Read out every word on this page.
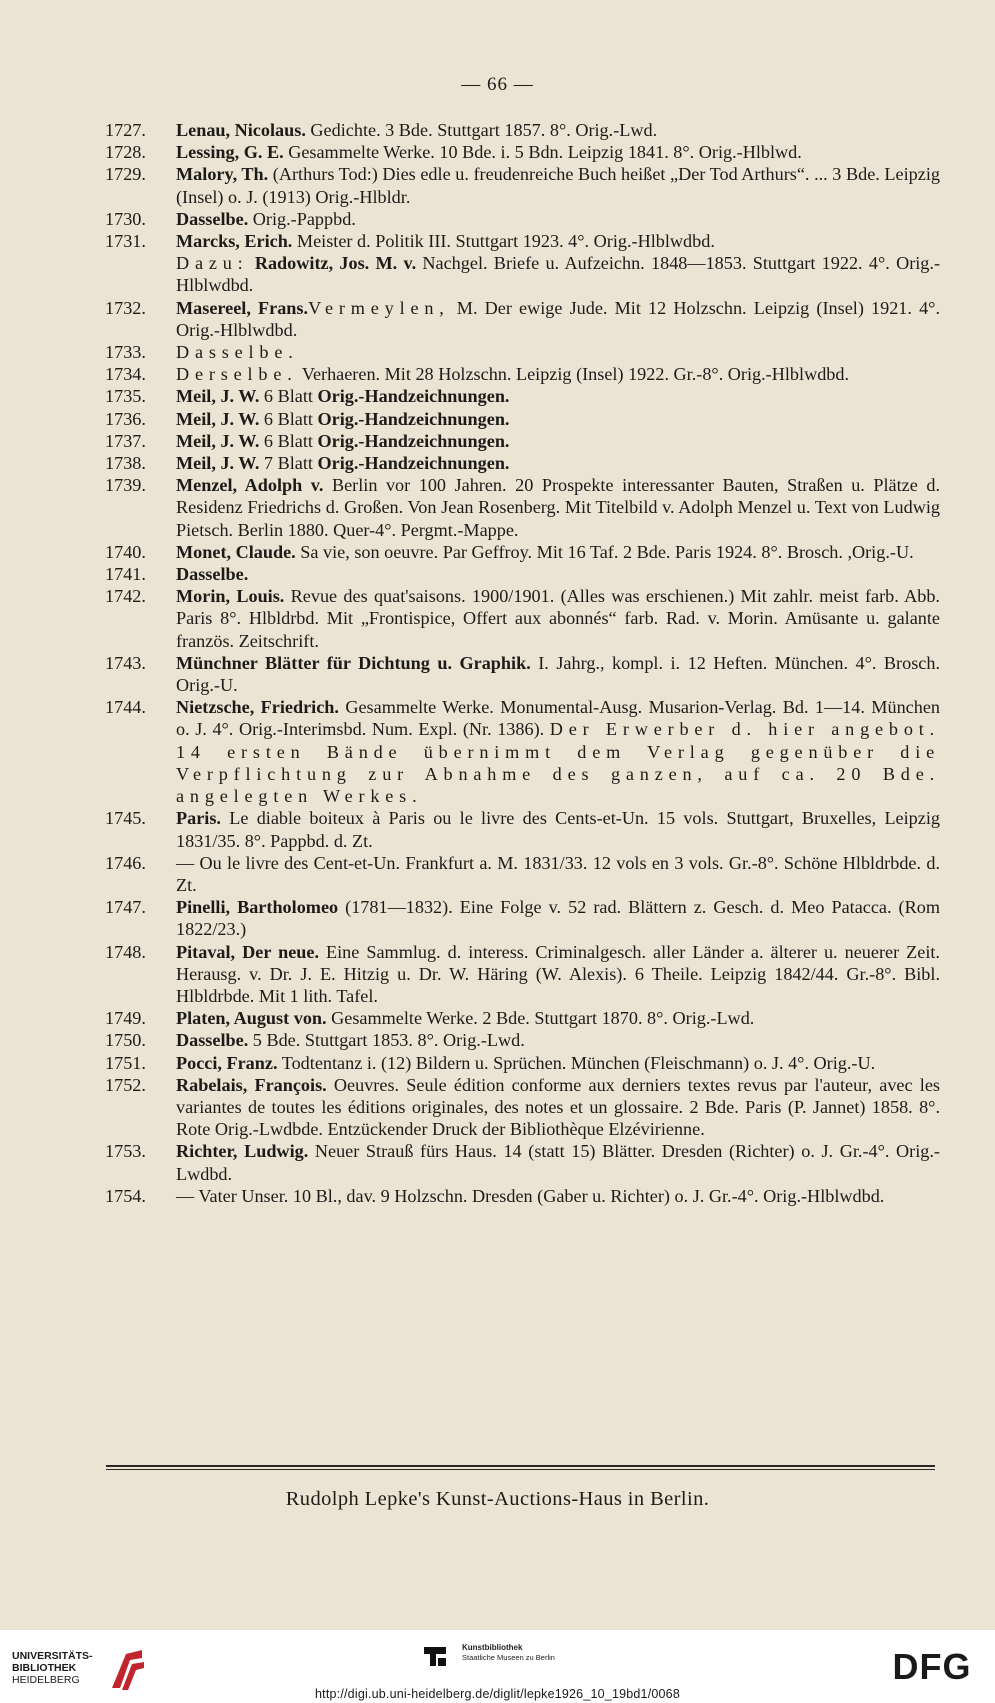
— 66 —
1727. Lenau, Nicolaus. Gedichte. 3 Bde. Stuttgart 1857. 8°. Orig.-Lwd.
1728. Lessing, G. E. Gesammelte Werke. 10 Bde. i. 5 Bdn. Leipzig 1841. 8°. Orig.-Hlblwd.
1729. Malory, Th. (Arthurs Tod:) Dies edle u. freudenreiche Buch heißet „Der Tod Arthurs“. ... 3 Bde. Leipzig (Insel) o. J. (1913) Orig.-Hlbldr.
1730. Dasselbe. Orig.-Pappbd.
1731. Marcks, Erich. Meister d. Politik III. Stuttgart 1923. 4°. Orig.-Hlblwdbd.
Dazu: Radowitz, Jos. M. v. Nachgel. Briefe u. Aufzeichn. 1848—1853. Stuttgart 1922. 4°. Orig.-Hlblwdbd.
1732. Masereel, Frans.Vermeylen, M. Der ewige Jude. Mit 12 Holzschn. Leipzig (Insel) 1921. 4°. Orig.-Hlblwdbd.
1733. Dasselbe.
1734. Derselbe. Verhaeren. Mit 28 Holzschn. Leipzig (Insel) 1922. Gr.-8°. Orig.-Hlblwdbd.
1735. Meil, J. W. 6 Blatt Orig.-Handzeichnungen.
1736. Meil, J. W. 6 Blatt Orig.-Handzeichnungen.
1737. Meil, J. W. 6 Blatt Orig.-Handzeichnungen.
1738. Meil, J. W. 7 Blatt Orig.-Handzeichnungen.
1739. Menzel, Adolph v. Berlin vor 100 Jahren. 20 Prospekte interessanter Bauten, Straßen u. Plätze d. Residenz Friedrichs d. Großen. Von Jean Rosenberg. Mit Titelbild v. Adolph Menzel u. Text von Ludwig Pietsch. Berlin 1880. Quer-4°. Pergmt.-Mappe.
1740. Monet, Claude. Sa vie, son oeuvre. Par Geffroy. Mit 16 Taf. 2 Bde. Paris 1924. 8°. Brosch. ,Orig.-U.
1741. Dasselbe.
1742. Morin, Louis. Revue des quat'saisons. 1900/1901. (Alles was erschienen.) Mit zahlr. meist farb. Abb. Paris 8°. Hlbldrbd. Mit „Frontispice, Offert aux abonnés“ farb. Rad. v. Morin. Amüsante u. galante französ. Zeitschrift.
1743. Münchner Blätter für Dichtung u. Graphik. I. Jahrg., kompl. i. 12 Heften. München. 4°. Brosch. Orig.-U.
1744. Nietzsche, Friedrich. Gesammelte Werke. Monumental-Ausg. Musarion-Verlag. Bd. 1—14. München o. J. 4°. Orig.-Interimsbd. Num. Expl. (Nr. 1386). Der Erwerber d. hier angebot. 14 ersten Bände übernimmt dem Verlag gegenüber die Verpflichtung zur Abnahme des ganzen, auf ca. 20 Bde. angelegten Werkes.
1745. Paris. Le diable boiteux à Paris ou le livre des Cents-et-Un. 15 vols. Stuttgart, Bruxelles, Leipzig 1831/35. 8°. Pappbd. d. Zt.
1746. — Ou le livre des Cent-et-Un. Frankfurt a. M. 1831/33. 12 vols en 3 vols. Gr.-8°. Schöne Hlbldrbde. d. Zt.
1747. Pinelli, Bartholomeo (1781—1832). Eine Folge v. 52 rad. Blättern z. Gesch. d. Meo Patacca. (Rom 1822/23.)
1748. Pitaval, Der neue. Eine Sammlug. d. interess. Criminalgesch. aller Länder a. älterer u. neuerer Zeit. Herausg. v. Dr. J. E. Hitzig u. Dr. W. Häring (W. Alexis). 6 Theile. Leipzig 1842/44. Gr.-8°. Bibl. Hlbldrbde. Mit 1 lith. Tafel.
1749. Platen, August von. Gesammelte Werke. 2 Bde. Stuttgart 1870. 8°. Orig.-Lwd.
1750. Dasselbe. 5 Bde. Stuttgart 1853. 8°. Orig.-Lwd.
1751. Pocci, Franz. Todtentanz i. (12) Bildern u. Sprüchen. München (Fleischmann) o. J. 4°. Orig.-U.
1752. Rabelais, François. Oeuvres. Seule édition conforme aux derniers textes revus par l'auteur, avec les variantes de toutes les éditions originales, des notes et un glossaire. 2 Bde. Paris (P. Jannet) 1858. 8°. Rote Orig.-Lwdbde. Entzückender Druck der Bibliothèque Elzévirienne.
1753. Richter, Ludwig. Neuer Strauß fürs Haus. 14 (statt 15) Blätter. Dresden (Richter) o. J. Gr.-4°. Orig.-Lwdbd.
1754. — Vater Unser. 10 Bl., dav. 9 Holzschn. Dresden (Gaber u. Richter) o. J. Gr.-4°. Orig.-Hlblwdbd.
Rudolph Lepke's Kunst-Auctions-Haus in Berlin.
UNIVERSITÄTS-
BIBLIOTHEK
HEIDELBERG
Kunstbibliothek
Staatliche Museen zu Berlin	DFG
http://digi.ub.uni-heidelberg.de/diglit/lepke1926_10_19bd1/0068
